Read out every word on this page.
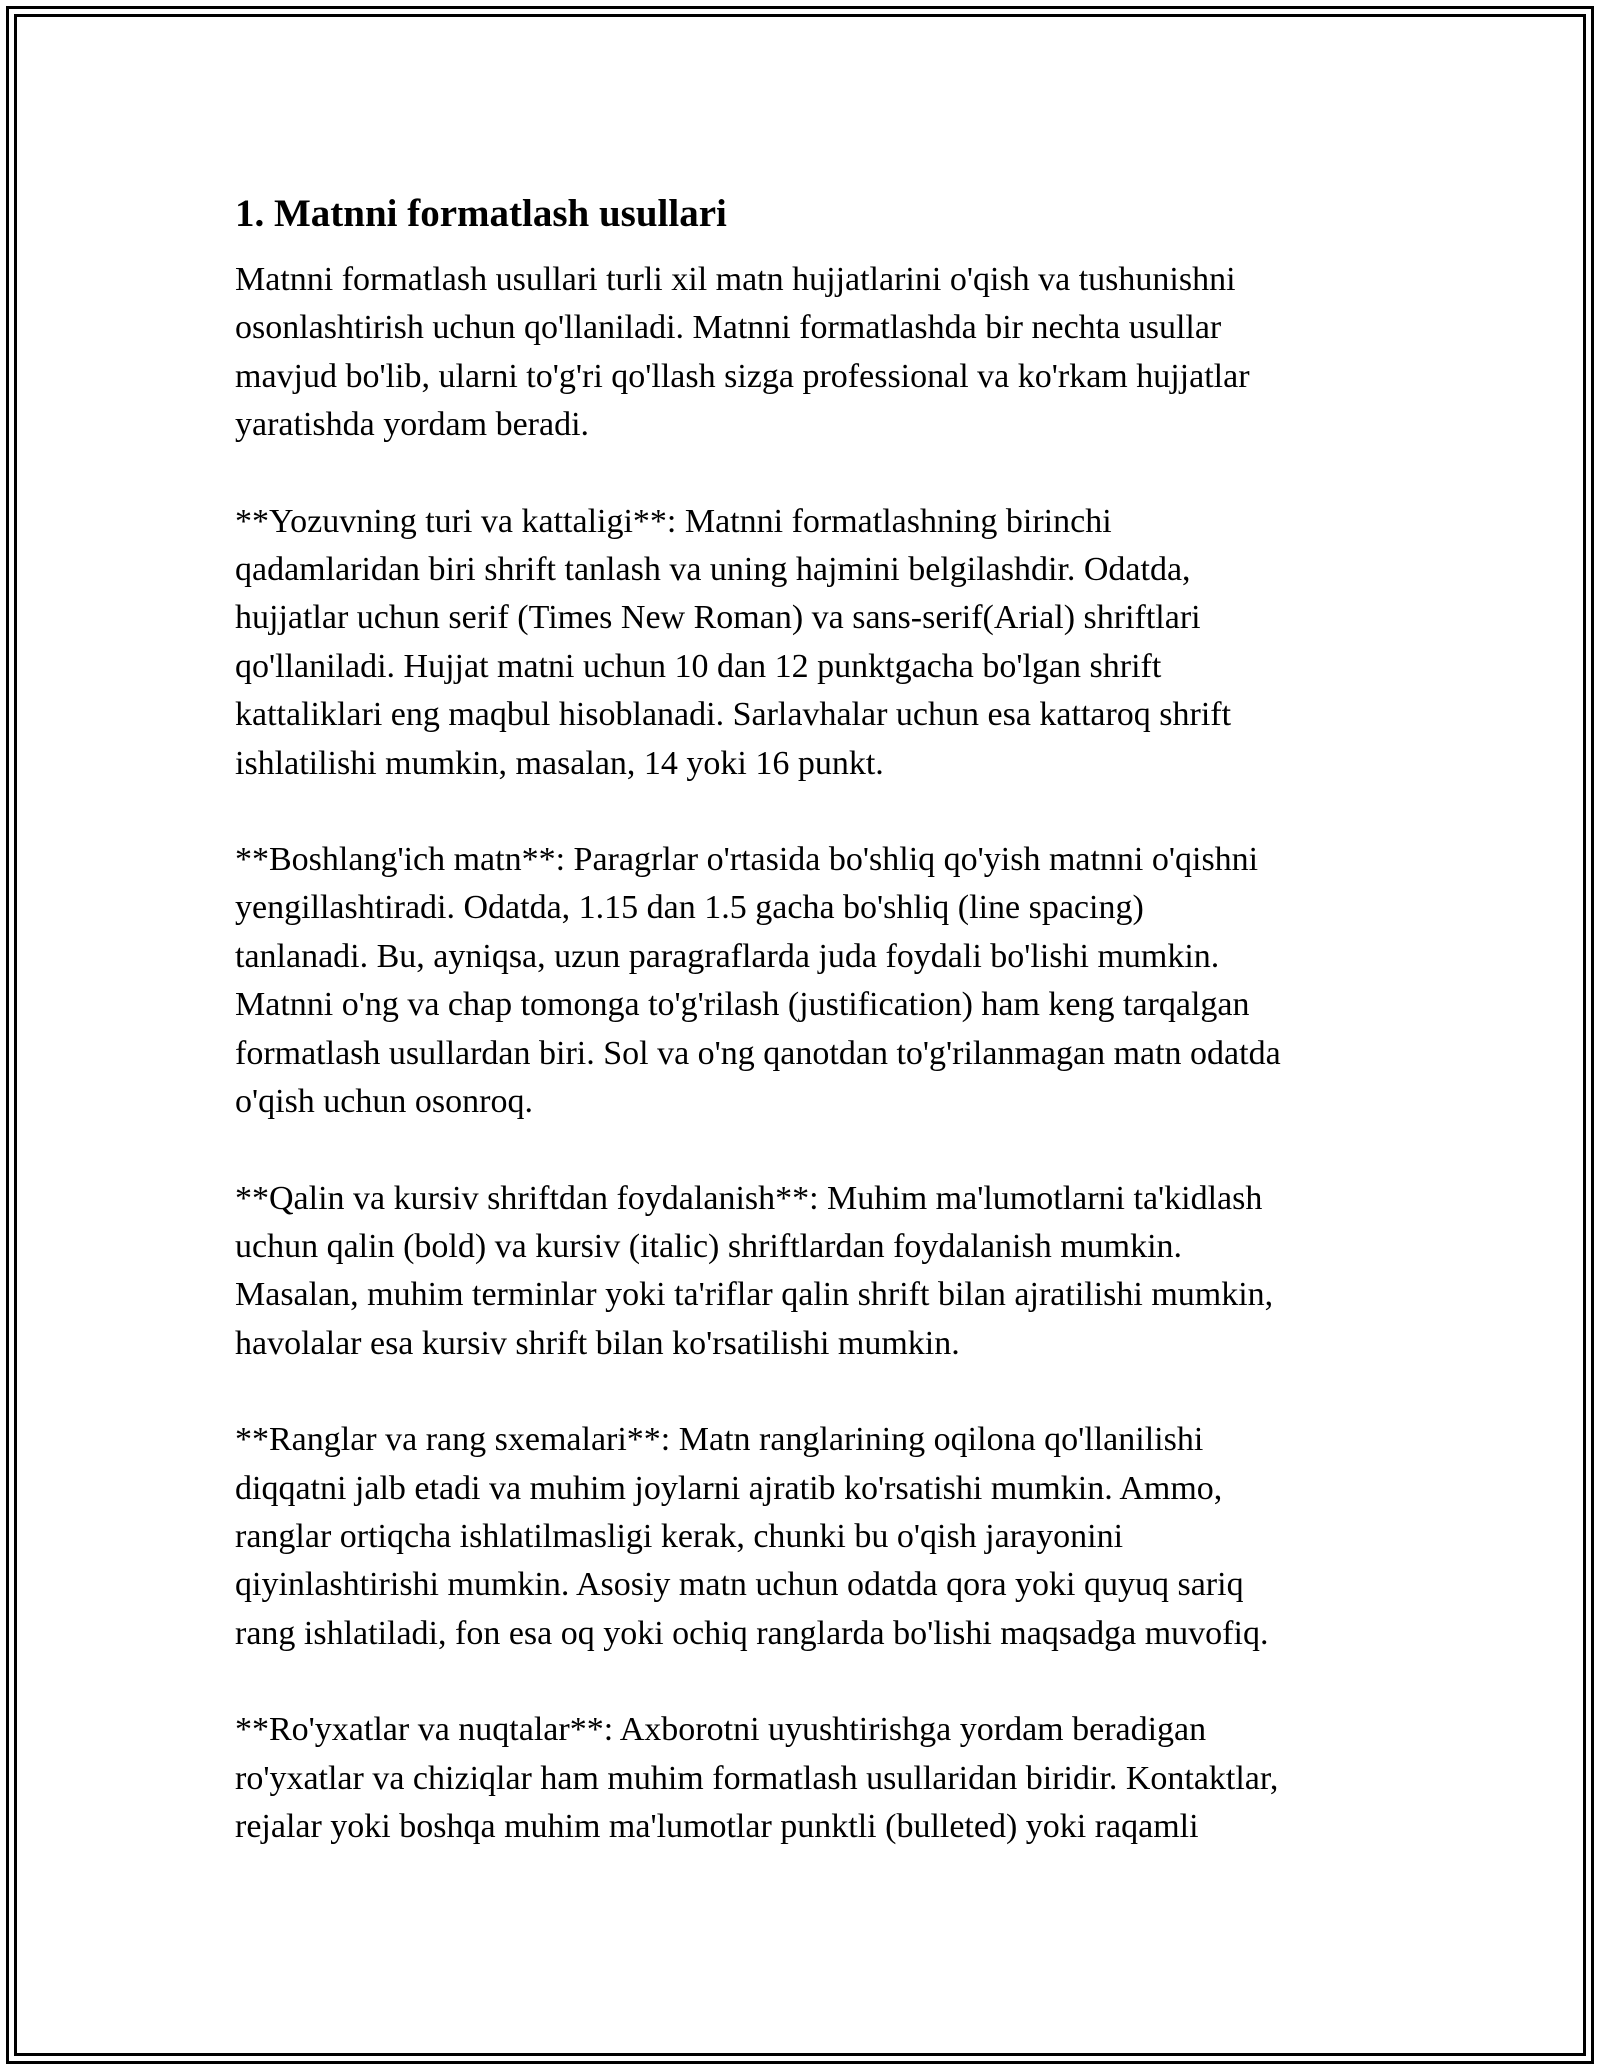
1. Matnni formatlash usullari
Matnni formatlash usullari turli xil matn hujjatlarini o'qish va tushunishni
osonlashtirish uchun qo'llaniladi. Matnni formatlashda bir nechta usullar
mavjud bo'lib, ularni to'g'ri qo'llash sizga professional va ko'rkam hujjatlar
yaratishda yordam beradi.
**Yozuvning turi va kattaligi**: Matnni formatlashning birinchi
qadamlaridan biri shrift tanlash va uning hajmini belgilashdir. Odatda,
hujjatlar uchun serif (Times New Roman) va sans-serif(Arial) shriftlari
qo'llaniladi. Hujjat matni uchun 10 dan 12 punktgacha bo'lgan shrift
kattaliklari eng maqbul hisoblanadi. Sarlavhalar uchun esa kattaroq shrift
ishlatilishi mumkin, masalan, 14 yoki 16 punkt.
**Boshlang'ich matn**: Paragrlar o'rtasida bo'shliq qo'yish matnni o'qishni
yengillashtiradi. Odatda, 1.15 dan 1.5 gacha bo'shliq (line spacing)
tanlanadi. Bu, ayniqsa, uzun paragraflarda juda foydali bo'lishi mumkin.
Matnni o'ng va chap tomonga to'g'rilash (justification) ham keng tarqalgan
formatlash usullardan biri. Sol va o'ng qanotdan to'g'rilanmagan matn odatda
o'qish uchun osonroq.
**Qalin va kursiv shriftdan foydalanish**: Muhim ma'lumotlarni ta'kidlash
uchun qalin (bold) va kursiv (italic) shriftlardan foydalanish mumkin.
Masalan, muhim terminlar yoki ta'riflar qalin shrift bilan ajratilishi mumkin,
havolalar esa kursiv shrift bilan ko'rsatilishi mumkin.
**Ranglar va rang sxemalari**: Matn ranglarining oqilona qo'llanilishi
diqqatni jalb etadi va muhim joylarni ajratib ko'rsatishi mumkin. Ammo,
ranglar ortiqcha ishlatilmasligi kerak, chunki bu o'qish jarayonini
qiyinlashtirishi mumkin. Asosiy matn uchun odatda qora yoki quyuq sariq
rang ishlatiladi, fon esa oq yoki ochiq ranglarda bo'lishi maqsadga muvofiq.
**Ro'yxatlar va nuqtalar**: Axborotni uyushtirishga yordam beradigan
ro'yxatlar va chiziqlar ham muhim formatlash usullaridan biridir. Kontaktlar,
rejalar yoki boshqa muhim ma'lumotlar punktli (bulleted) yoki raqamli
